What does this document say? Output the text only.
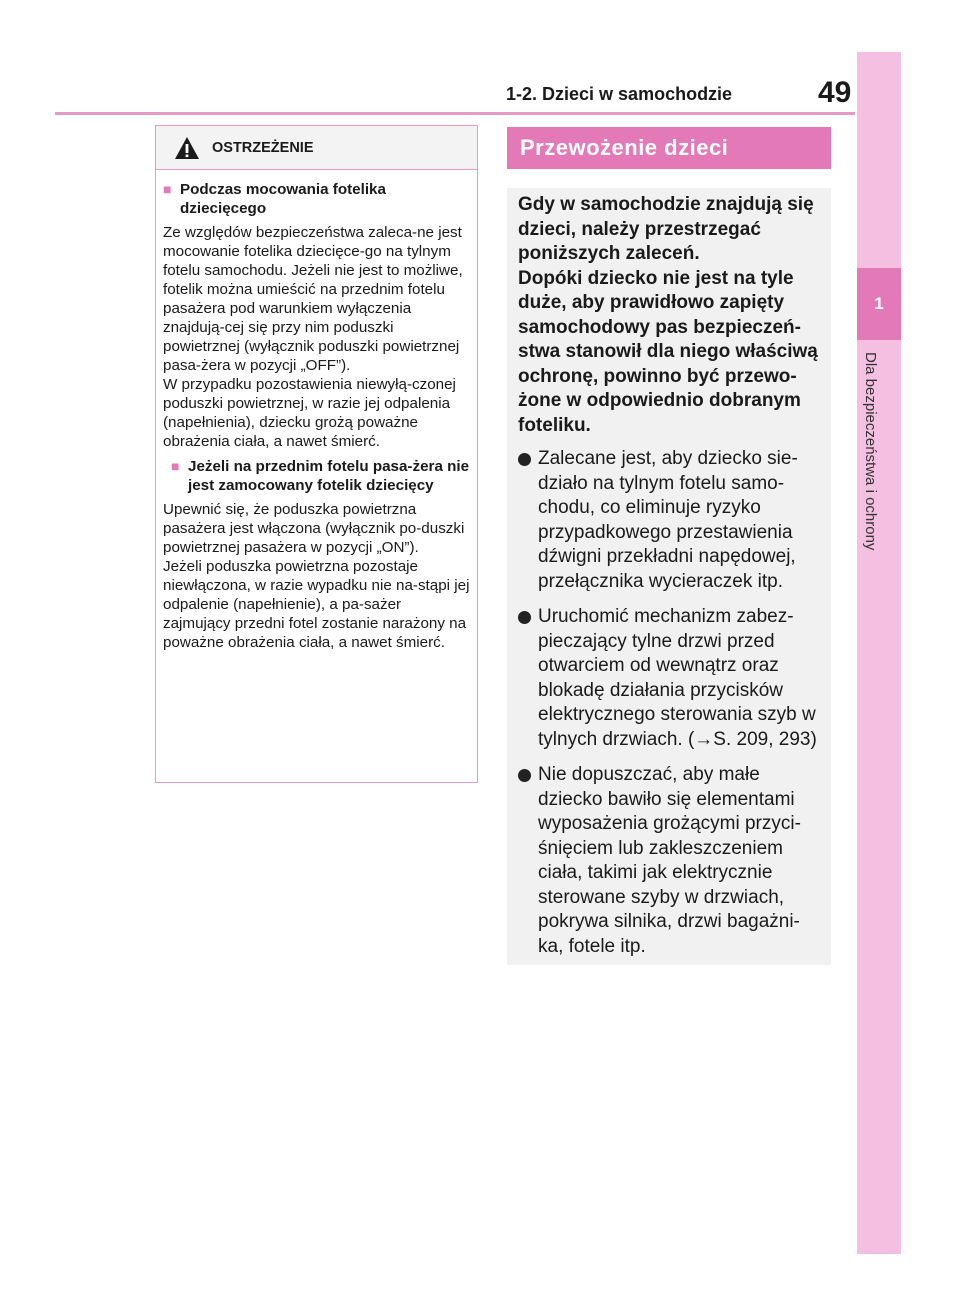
1-2. Dzieci w samochodzie	49
1
Dla bezpieczeństwa i ochrony
OSTRZEŻENIE
■ Podczas mocowania fotelika dziecięcego

Ze względów bezpieczeństwa zaleca-ne jest mocowanie fotelika dziecięce-go na tylnym fotelu samochodu. Jeżeli nie jest to możliwe, fotelik można umieścić na przednim fotelu pasażera pod warunkiem wyłączenia znajdują-cej się przy nim poduszki powietrznej (wyłącznik poduszki powietrznej pasa-żera w pozycji „OFF”).

W przypadku pozostawienia niewyłą-czonej poduszki powietrznej, w razie jej odpalenia (napełnienia), dziecku grożą poważne obrażenia ciała, a nawet śmierć.

■ Jeżeli na przednim fotelu pasa-żera nie jest zamocowany fotelik dziecięcy

Upewnić się, że poduszka powietrzna pasażera jest włączona (wyłącznik po-duszki powietrznej pasażera w pozycji „ON”).

Jeżeli poduszka powietrzna pozostaje niewłączona, w razie wypadku nie na-stąpi jej odpalenie (napełnienie), a pa-sażer zajmujący przedni fotel zostanie narażony na poważne obrażenia ciała, a nawet śmierć.

Przewożenie dzieci

Gdy w samochodzie znajdują się dzieci, należy przestrzegać poniższych zaleceń.
Dopóki dziecko nie jest na tyle duże, aby prawidłowo zapięty samochodowy pas bezpieczeń-stwa stanowił dla niego właściwą ochronę, powinno być przewo-żone w odpowiednio dobranym foteliku.

Zalecane jest, aby dziecko sie-działo na tylnym fotelu samo-chodu, co eliminuje ryzyko przypadkowego przestawienia dźwigni przekładni napędowej, przełącznika wycieraczek itp.
Uruchomić mechanizm zabez-pieczający tylne drzwi przed otwarciem od wewnątrz oraz blokadę działania przycisków elektrycznego sterowania szyb w tylnych drzwiach. (→S. 209, 293)
Nie dopuszczać, aby małe dziecko bawiło się elementami wyposażenia grożącymi przyci-śnięciem lub zakleszczeniem ciała, takimi jak elektrycznie sterowane szyby w drzwiach, pokrywa silnika, drzwi bagażni-ka, fotele itp.
